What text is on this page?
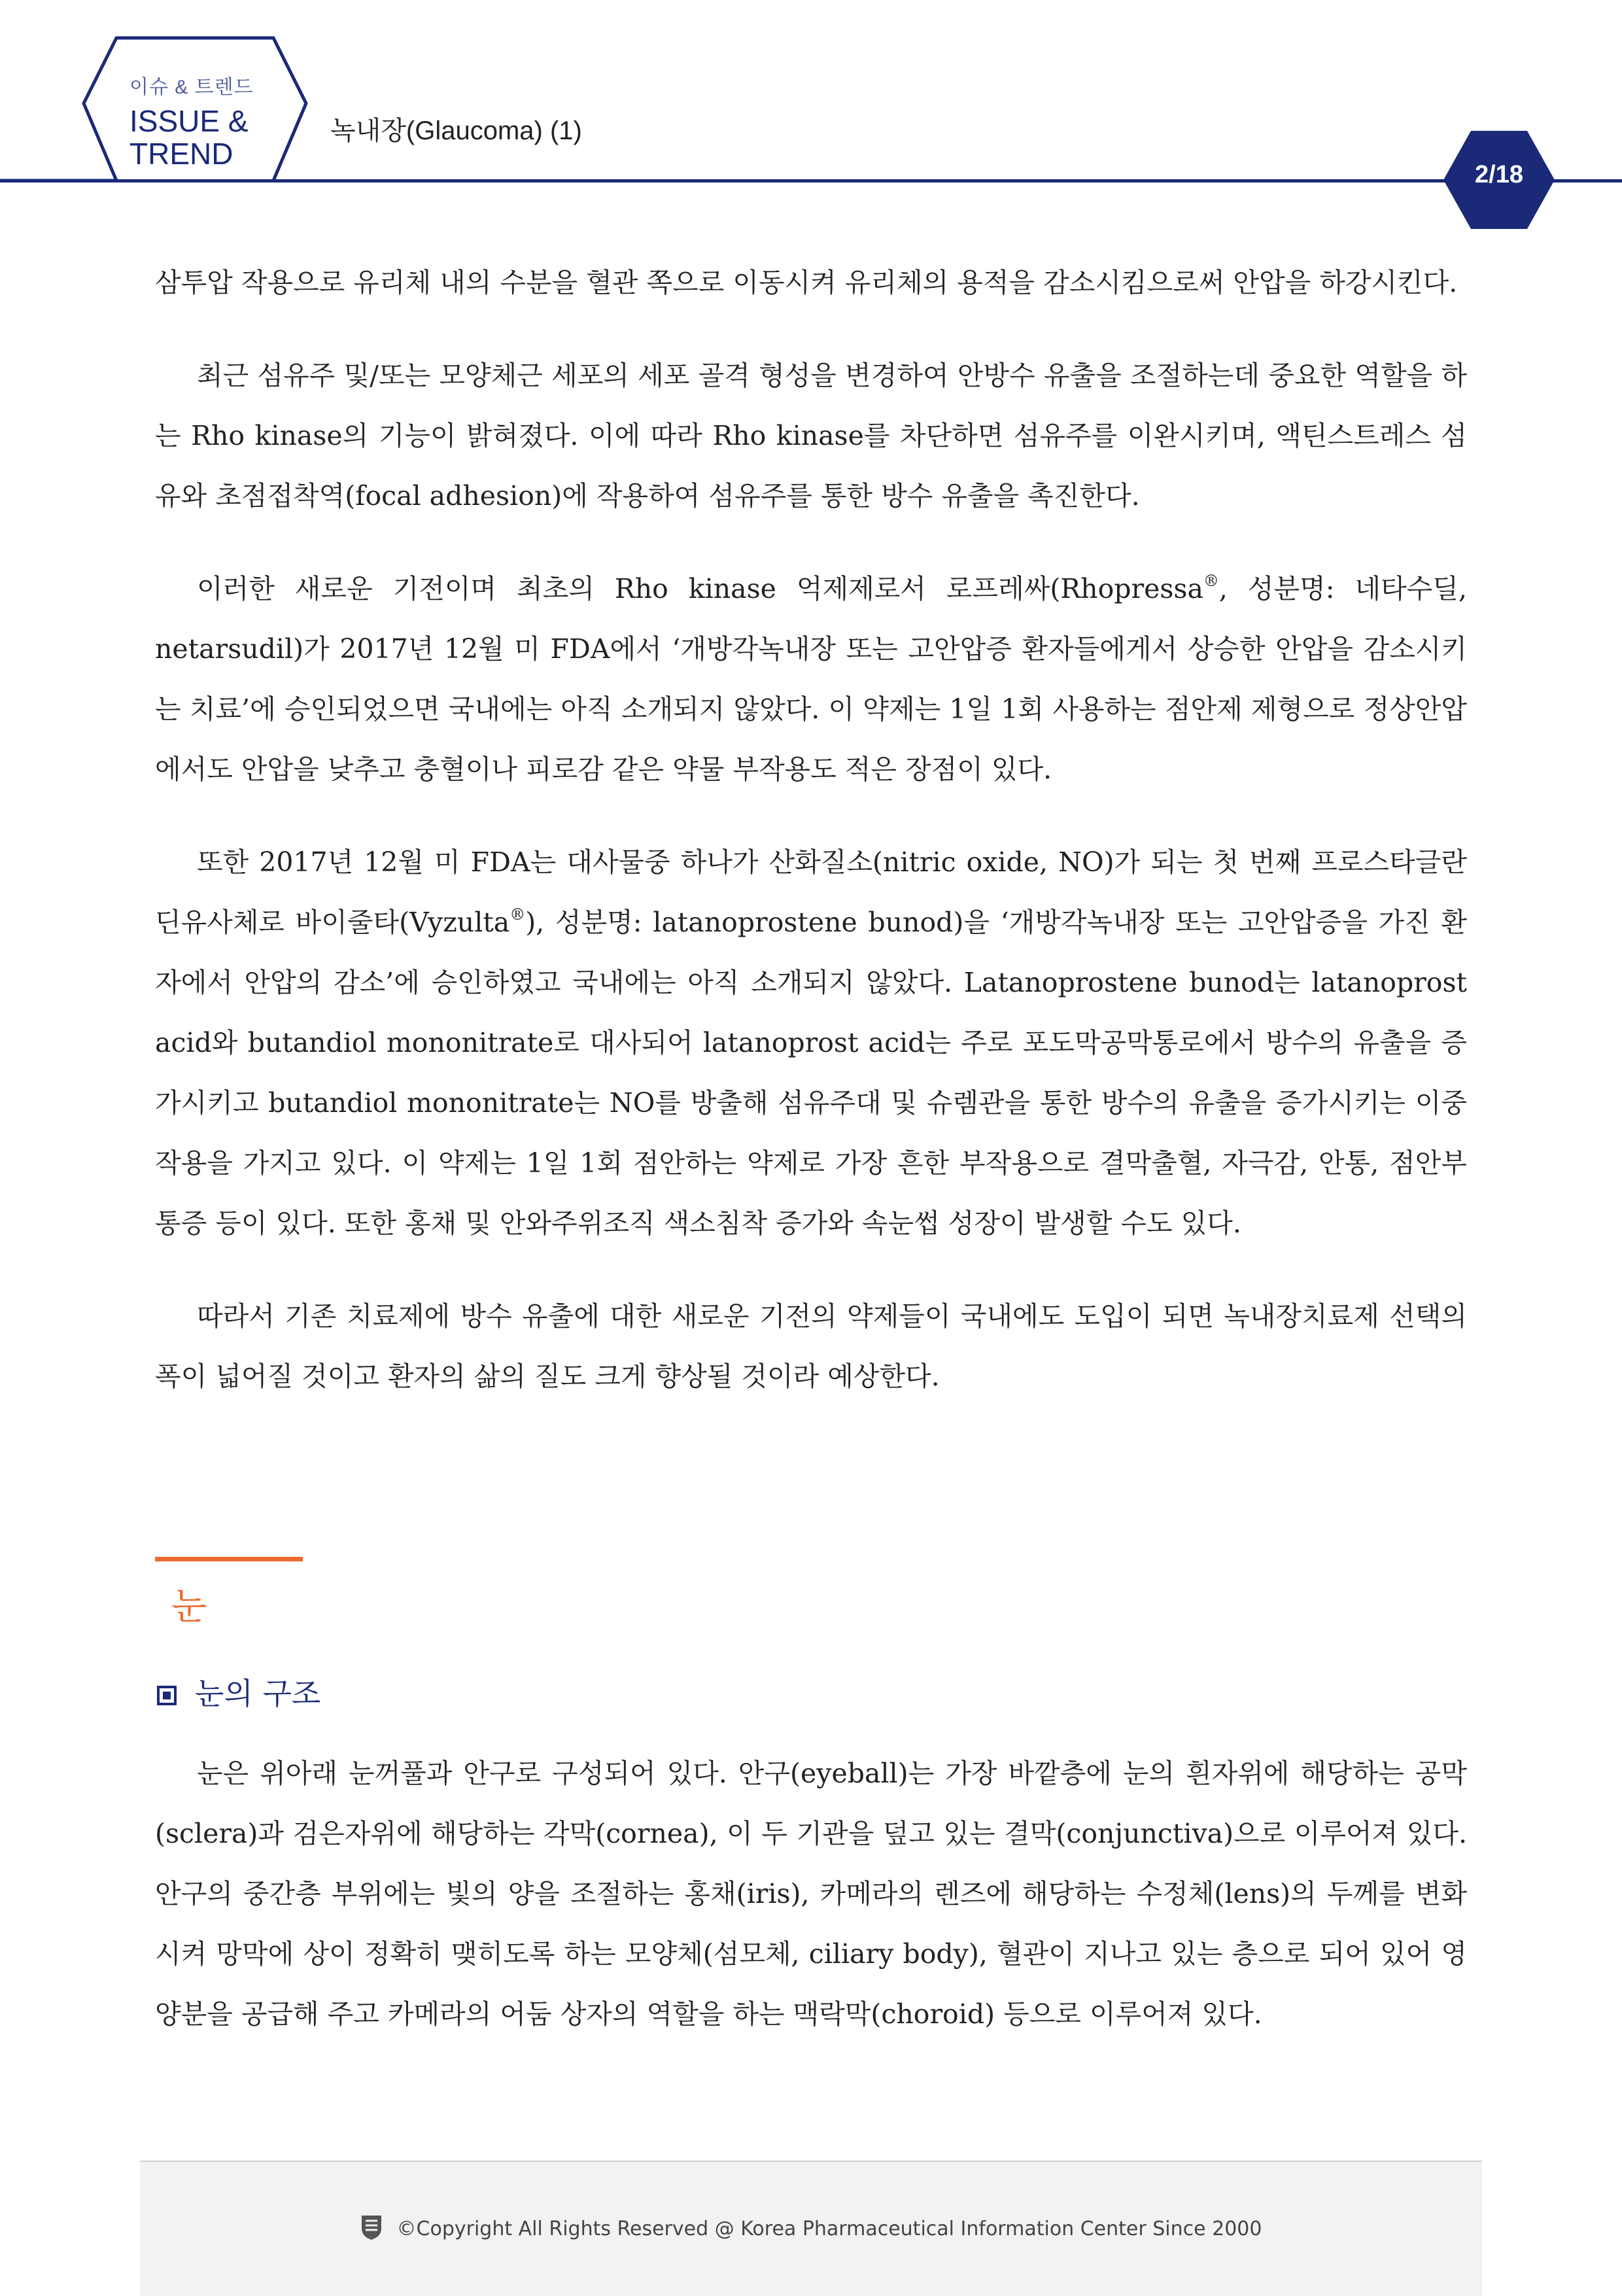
이슈 & 트렌드
ISSUE &
TREND
녹내장(Glaucoma) (1)
2/18

삼투압 작용으로 유리체 내의 수분을 혈관 쪽으로 이동시켜 유리체의 용적을 감소시킴으로써 안압을 하강시킨다.

최근 섬유주 및/또는 모양체근 세포의 세포 골격 형성을 변경하여 안방수 유출을 조절하는데 중요한 역할을 하는 Rho kinase의 기능이 밝혀졌다. 이에 따라 Rho kinase를 차단하면 섬유주를 이완시키며, 액틴스트레스 섬유와 초점접착역(focal adhesion)에 작용하여 섬유주를 통한 방수 유출을 촉진한다.

이러한 새로운 기전이며 최초의 Rho kinase 억제제로서 로프레싸(Rhopressa®, 성분명: 네타수딜, netarsudil)가 2017년 12월 미 FDA에서 ‘개방각녹내장 또는 고안압증 환자들에게서 상승한 안압을 감소시키는 치료’에 승인되었으면 국내에는 아직 소개되지 않았다. 이 약제는 1일 1회 사용하는 점안제 제형으로 정상안압에서도 안압을 낮추고 충혈이나 피로감 같은 약물 부작용도 적은 장점이 있다.

또한 2017년 12월 미 FDA는 대사물중 하나가 산화질소(nitric oxide, NO)가 되는 첫 번째 프로스타글란딘유사체로 바이줄타(Vyzulta®), 성분명: latanoprostene bunod)을 ‘개방각녹내장 또는 고안압증을 가진 환자에서 안압의 감소’에 승인하였고 국내에는 아직 소개되지 않았다. Latanoprostene bunod는 latanoprost acid와 butandiol mononitrate로 대사되어 latanoprost acid는 주로 포도막공막통로에서 방수의 유출을 증가시키고 butandiol mononitrate는 NO를 방출해 섬유주대 및 슈렘관을 통한 방수의 유출을 증가시키는 이중 작용을 가지고 있다. 이 약제는 1일 1회 점안하는 약제로 가장 흔한 부작용으로 결막출혈, 자극감, 안통, 점안부 통증 등이 있다. 또한 홍채 및 안와주위조직 색소침착 증가와 속눈썹 성장이 발생할 수도 있다.

따라서 기존 치료제에 방수 유출에 대한 새로운 기전의 약제들이 국내에도 도입이 되면 녹내장치료제 선택의 폭이 넓어질 것이고 환자의 삶의 질도 크게 향상될 것이라 예상한다.

눈
눈의 구조

눈은 위아래 눈꺼풀과 안구로 구성되어 있다. 안구(eyeball)는 가장 바깥층에 눈의 흰자위에 해당하는 공막(sclera)과 검은자위에 해당하는 각막(cornea), 이 두 기관을 덮고 있는 결막(conjunctiva)으로 이루어져 있다. 안구의 중간층 부위에는 빛의 양을 조절하는 홍채(iris), 카메라의 렌즈에 해당하는 수정체(lens)의 두께를 변화시켜 망막에 상이 정확히 맺히도록 하는 모양체(섬모체, ciliary body), 혈관이 지나고 있는 층으로 되어 있어 영양분을 공급해 주고 카메라의 어둠 상자의 역할을 하는 맥락막(choroid) 등으로 이루어져 있다.

©Copyright All Rights Reserved @ Korea Pharmaceutical Information Center Since 2000
